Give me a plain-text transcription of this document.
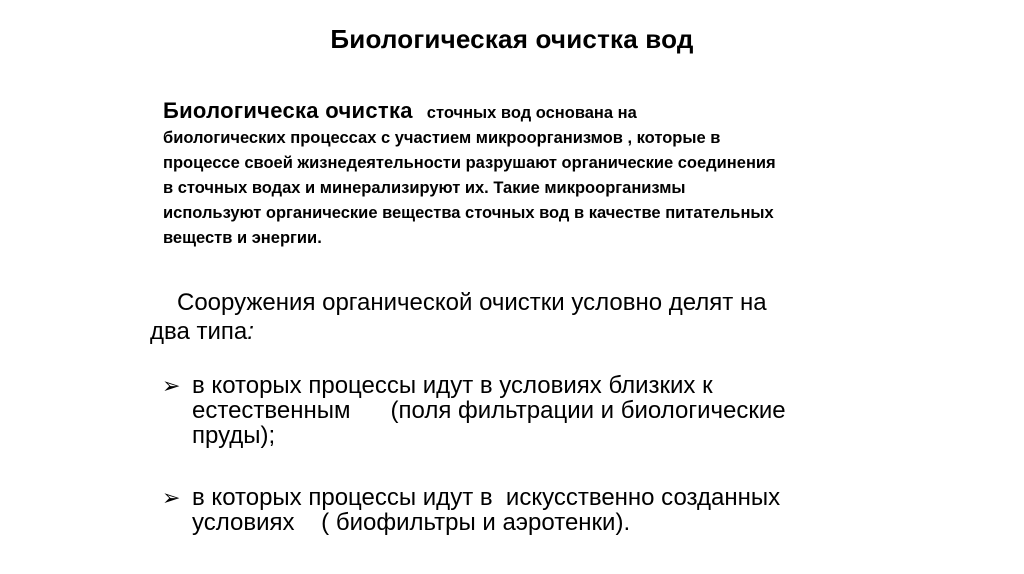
Биологическая очистка вод
Биологическа очистка сточных вод основана на
биологических процессах с участием микроорганизмов , которые в
процессе своей жизнедеятельности разрушают органические соединения
в сточных водах и минерализируют их. Такие микроорганизмы
используют органические вещества сточных вод в качестве питательных
веществ и энергии.
Сооружения органической очистки условно делят на
два типа:
➢ в которых процессы идут в условиях близких к
естественным      (поля фильтрации и биологические
пруды);
➢ в которых процессы идут в  искусственно созданных
условиях    ( биофильтры и аэротенки).
